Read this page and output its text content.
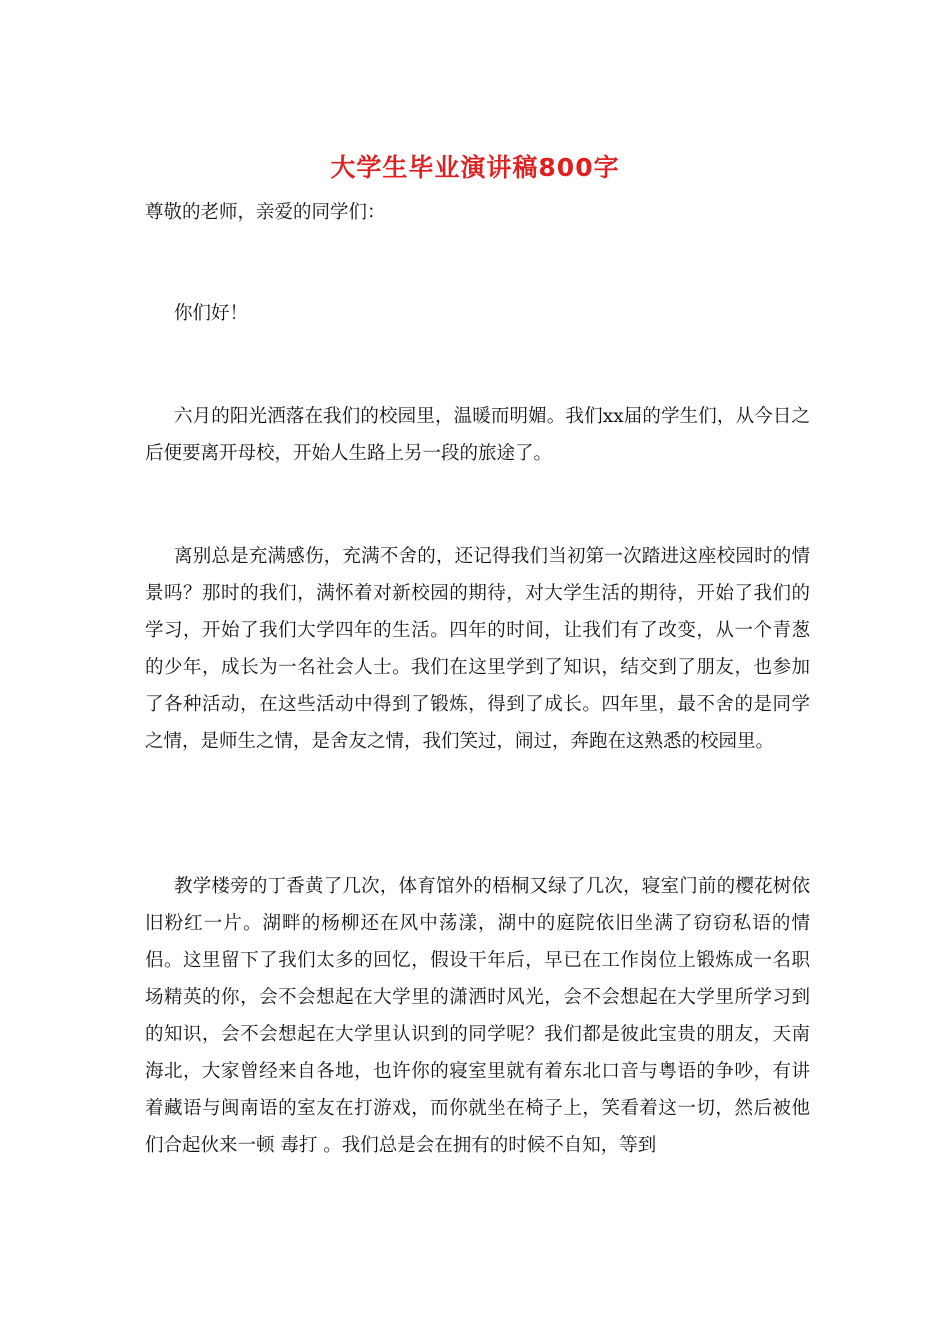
大学生毕业演讲稿800字

尊敬的老师，亲爱的同学们：

你们好！

六月的阳光洒落在我们的校园里，温暖而明媚。我们xx届的学生们，从今日之后便要离开母校，开始人生路上另一段的旅途了。

离别总是充满感伤，充满不舍的，还记得我们当初第一次踏进这座校园时的情景吗？那时的我们，满怀着对新校园的期待，对大学生活的期待，开始了我们的学习，开始了我们大学四年的生活。四年的时间，让我们有了改变，从一个青葱的少年，成长为一名社会人士。我们在这里学到了知识，结交到了朋友，也参加了各种活动，在这些活动中得到了锻炼，得到了成长。四年里，最不舍的是同学之情，是师生之情，是舍友之情，我们笑过，闹过，奔跑在这熟悉的校园里。

教学楼旁的丁香黄了几次，体育馆外的梧桐又绿了几次，寝室门前的樱花树依旧粉红一片。湖畔的杨柳还在风中荡漾，湖中的庭院依旧坐满了窃窃私语的情侣。这里留下了我们太多的回忆，假设干年后，早已在工作岗位上锻炼成一名职场精英的你，会不会想起在大学里的潇洒时风光，会不会想起在大学里所学习到的知识，会不会想起在大学里认识到的同学呢？我们都是彼此宝贵的朋友，天南海北，大家曾经来自各地，也许你的寝室里就有着东北口音与粤语的争吵，有讲着藏语与闽南语的室友在打游戏，而你就坐在椅子上，笑看着这一切，然后被他们合起伙来一顿 毒打 。我们总是会在拥有的时候不自知，等到
